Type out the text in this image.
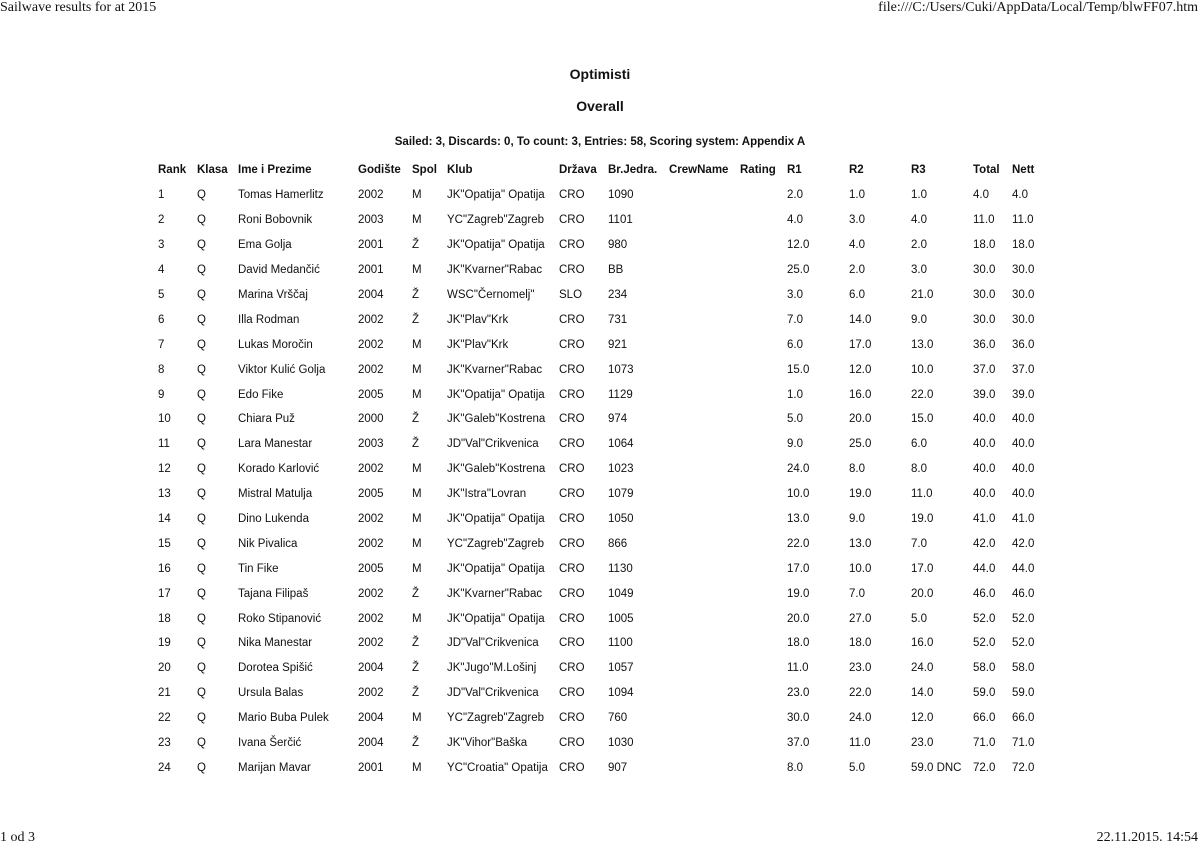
Sailwave results for at 2015	file:///C:/Users/Cuki/AppData/Local/Temp/blwFF07.htm
Optimisti
Overall
Sailed: 3, Discards: 0, To count: 3, Entries: 58, Scoring system: Appendix A
Rank	Klasa	Ime i Prezime	Godište	Spol	Klub	Država	Br.Jedra.	CrewName	Rating	R1	R2	R3	Total	Nett
1	Q	Tomas Hamerlitz	2002	M	JK"Opatija" Opatija	CRO	1090			2.0	1.0	1.0	4.0	4.0
2	Q	Roni Bobovnik	2003	M	YC"Zagreb"Zagreb	CRO	1101			4.0	3.0	4.0	11.0	11.0
3	Q	Ema Golja	2001	Ž	JK"Opatija" Opatija	CRO	980			12.0	4.0	2.0	18.0	18.0
4	Q	David Medančić	2001	M	JK"Kvarner"Rabac	CRO	BB			25.0	2.0	3.0	30.0	30.0
5	Q	Marina Vrščaj	2004	Ž	WSC"Černomelj"	SLO	234			3.0	6.0	21.0	30.0	30.0
6	Q	Illa Rodman	2002	Ž	JK"Plav"Krk	CRO	731			7.0	14.0	9.0	30.0	30.0
7	Q	Lukas Moročin	2002	M	JK"Plav"Krk	CRO	921			6.0	17.0	13.0	36.0	36.0
8	Q	Viktor Kulić Golja	2002	M	JK"Kvarner"Rabac	CRO	1073			15.0	12.0	10.0	37.0	37.0
9	Q	Edo Fike	2005	M	JK"Opatija" Opatija	CRO	1129			1.0	16.0	22.0	39.0	39.0
10	Q	Chiara Puž	2000	Ž	JK"Galeb"Kostrena	CRO	974			5.0	20.0	15.0	40.0	40.0
11	Q	Lara Manestar	2003	Ž	JD"Val"Crikvenica	CRO	1064			9.0	25.0	6.0	40.0	40.0
12	Q	Korado Karlović	2002	M	JK"Galeb"Kostrena	CRO	1023			24.0	8.0	8.0	40.0	40.0
13	Q	Mistral Matulja	2005	M	JK"Istra"Lovran	CRO	1079			10.0	19.0	11.0	40.0	40.0
14	Q	Dino Lukenda	2002	M	JK"Opatija" Opatija	CRO	1050			13.0	9.0	19.0	41.0	41.0
15	Q	Nik Pivalica	2002	M	YC"Zagreb"Zagreb	CRO	866			22.0	13.0	7.0	42.0	42.0
16	Q	Tin Fike	2005	M	JK"Opatija" Opatija	CRO	1130			17.0	10.0	17.0	44.0	44.0
17	Q	Tajana Filipaš	2002	Ž	JK"Kvarner"Rabac	CRO	1049			19.0	7.0	20.0	46.0	46.0
18	Q	Roko Stipanović	2002	M	JK"Opatija" Opatija	CRO	1005			20.0	27.0	5.0	52.0	52.0
19	Q	Nika Manestar	2002	Ž	JD"Val"Crikvenica	CRO	1100			18.0	18.0	16.0	52.0	52.0
20	Q	Dorotea Spišić	2004	Ž	JK"Jugo"M.Lošinj	CRO	1057			11.0	23.0	24.0	58.0	58.0
21	Q	Ursula Balas	2002	Ž	JD"Val"Crikvenica	CRO	1094			23.0	22.0	14.0	59.0	59.0
22	Q	Mario Buba Pulek	2004	M	YC"Zagreb"Zagreb	CRO	760			30.0	24.0	12.0	66.0	66.0
23	Q	Ivana Šerčić	2004	Ž	JK"Vihor"Baška	CRO	1030			37.0	11.0	23.0	71.0	71.0
24	Q	Marijan Mavar	2001	M	YC"Croatia" Opatija	CRO	907			8.0	5.0	59.0 DNC	72.0	72.0
1 od 3	22.11.2015. 14:54
